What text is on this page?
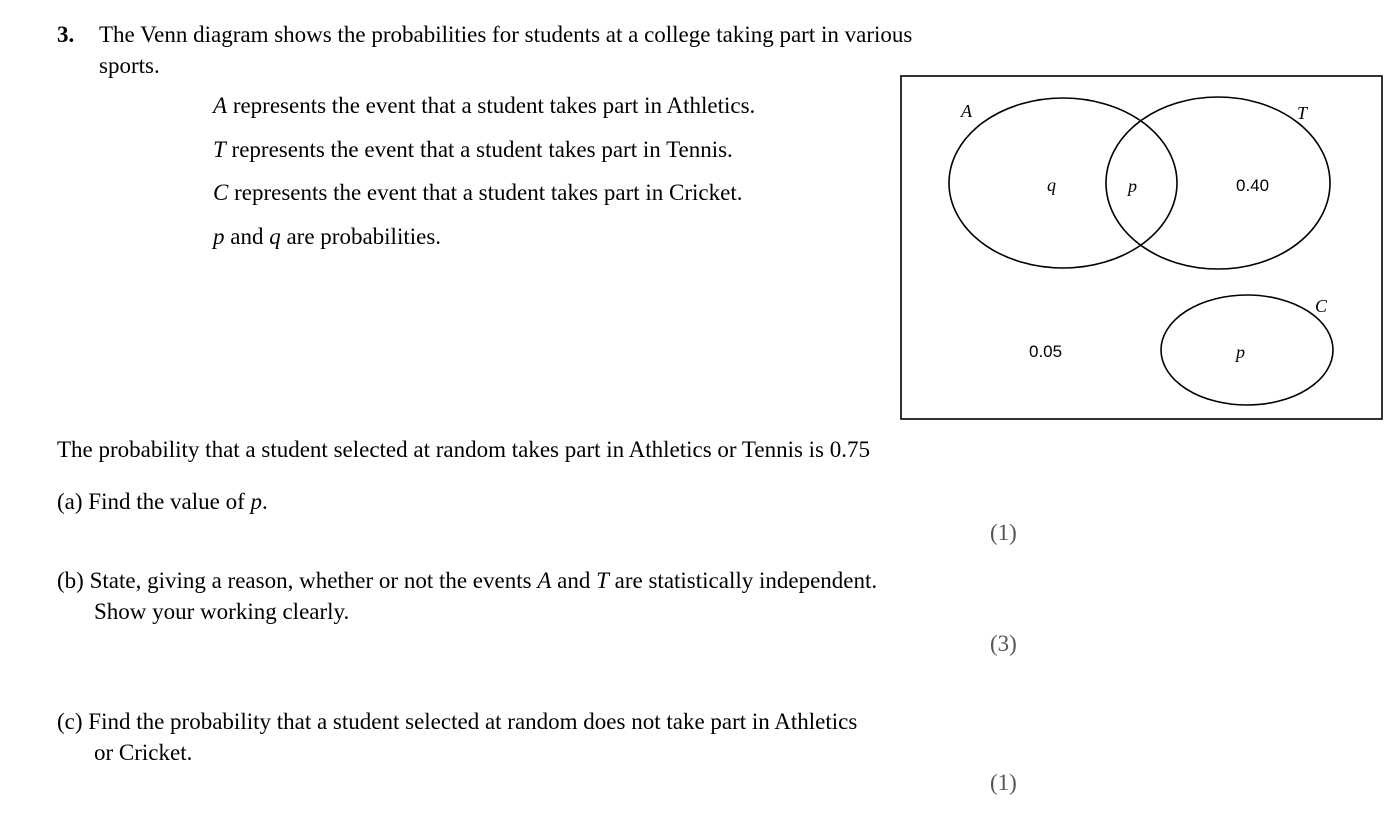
3. The Venn diagram shows the probabilities for students at a college taking part in various
sports.
A represents the event that a student takes part in Athletics.
T represents the event that a student takes part in Tennis.
C represents the event that a student takes part in Cricket.
p and q are probabilities.
A	T
C
q	p	0.40
0.05	p
The probability that a student selected at random takes part in Athletics or Tennis is 0.75
(a) Find the value of p.
(1)
(b) State, giving a reason, whether or not the events A and T are statistically independent.
Show your working clearly.
(3)
(c) Find the probability that a student selected at random does not take part in Athletics
or Cricket.
(1)
